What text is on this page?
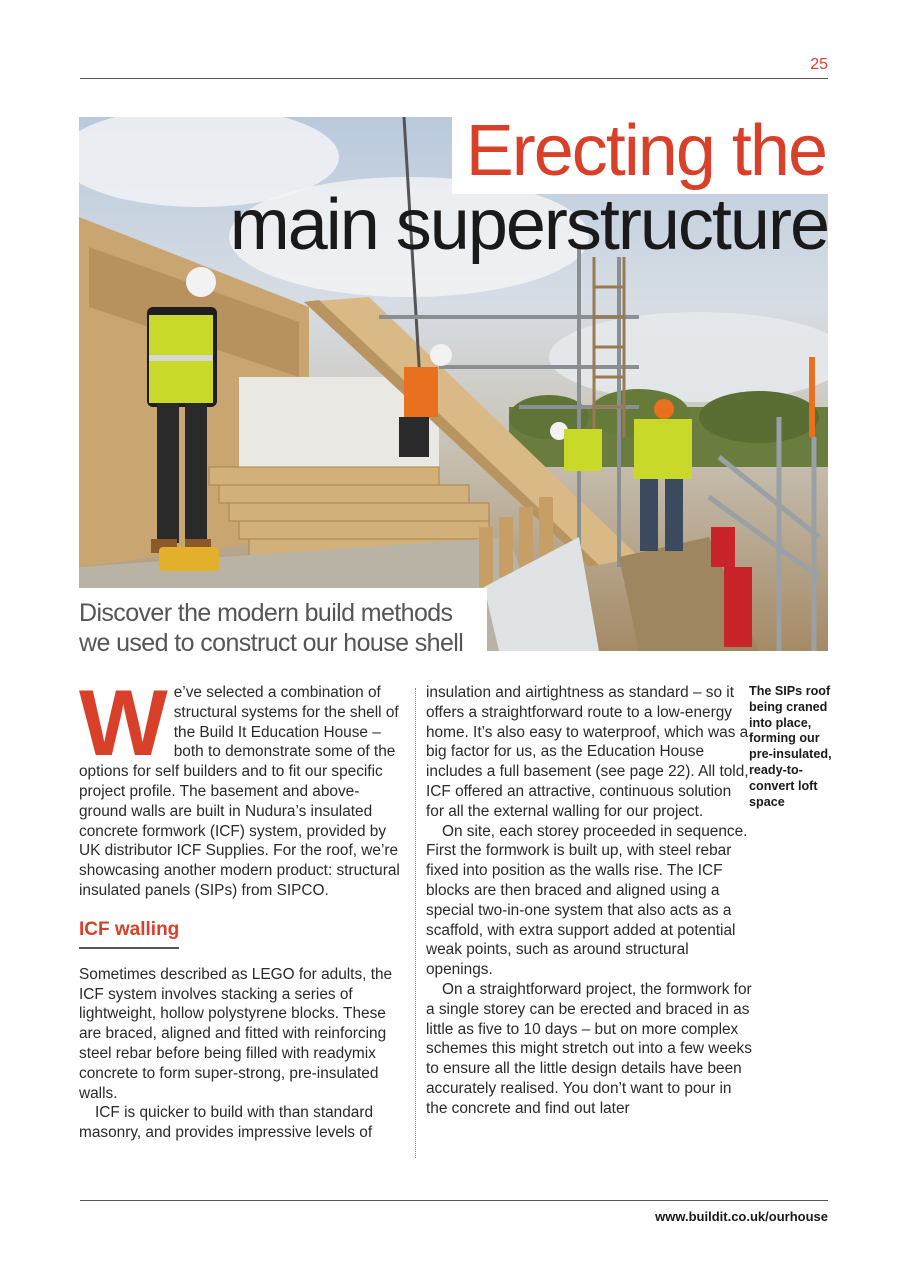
25
Erecting the
main superstructure
Discover the modern build methods we used to construct our house shell

We’ve selected a combination of structural systems for the shell of the Build It Education House – both to demonstrate some of the options for self builders and to fit our specific project profile. The basement and above-ground walls are built in Nudura’s insulated concrete formwork (ICF) system, provided by UK distributor ICF Supplies. For the roof, we’re showcasing another modern product: structural insulated panels (SIPs) from SIPCO.

ICF walling

Sometimes described as LEGO for adults, the ICF system involves stacking a series of lightweight, hollow polystyrene blocks. These are braced, aligned and fitted with reinforcing steel rebar before being filled with readymix concrete to form super-strong, pre-insulated walls.

ICF is quicker to build with than standard masonry, and provides impressive levels of

insulation and airtightness as standard – so it offers a straightforward route to a low-energy home. It’s also easy to waterproof, which was a big factor for us, as the Education House includes a full basement (see page 22). All told, ICF offered an attractive, continuous solution for all the external walling for our project.

On site, each storey proceeded in sequence. First the formwork is built up, with steel rebar fixed into position as the walls rise. The ICF blocks are then braced and aligned using a special two-in-one system that also acts as a scaffold, with extra support added at potential weak points, such as around structural openings.

On a straightforward project, the formwork for a single storey can be erected and braced in as little as five to 10 days – but on more complex schemes this might stretch out into a few weeks to ensure all the little design details have been accurately realised. You don’t want to pour in the concrete and find out later

The SIPs roof being craned into place, forming our pre-insulated, ready-to-convert loft space
www.buildit.co.uk/ourhouse
